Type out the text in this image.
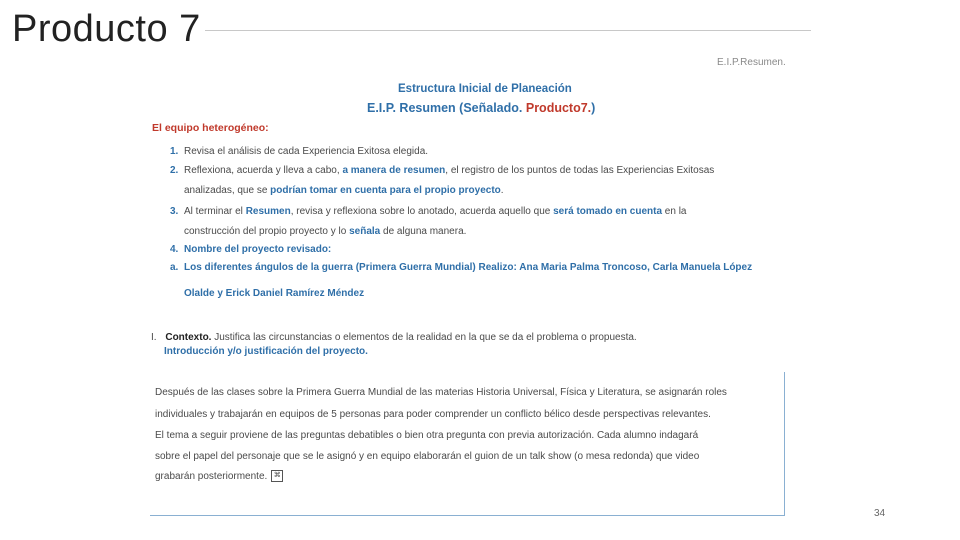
Producto 7
E.I.P.Resumen.
Estructura Inicial de Planeación
E.I.P. Resumen (Señalado. Producto7.)
El equipo heterogéneo:
1. Revisa el análisis de cada Experiencia Exitosa elegida.
2. Reflexiona, acuerda y lleva a cabo, a manera de resumen, el registro de los puntos de todas las Experiencias Exitosas
analizadas, que se podrían tomar en cuenta para el propio proyecto.
3. Al terminar el Resumen, revisa y reflexiona sobre lo anotado, acuerda aquello que será tomado en cuenta en la
construcción del propio proyecto y lo señala de alguna manera.
4. Nombre del proyecto revisado:
a. Los diferentes ángulos de la guerra (Primera Guerra Mundial) Realizo: Ana Maria Palma Troncoso, Carla Manuela López
Olalde y Erick Daniel Ramírez Méndez
I. Contexto. Justifica las circunstancias o elementos de la realidad en la que se da el problema o propuesta.
Introducción y/o justificación del proyecto.

Después de las clases sobre la Primera Guerra Mundial de las materias Historia Universal, Física y Literatura, se asignarán roles

individuales y trabajarán en equipos de 5 personas para poder comprender un conflicto bélico desde perspectivas relevantes.

El tema a seguir proviene de las preguntas debatibles o bien otra pregunta con previa autorización. Cada alumno indagará

sobre el papel del personaje que se le asignó y en equipo elaborarán el guion de un talk show (o mesa redonda) que video

grabarán posteriormente. ⌘

34
